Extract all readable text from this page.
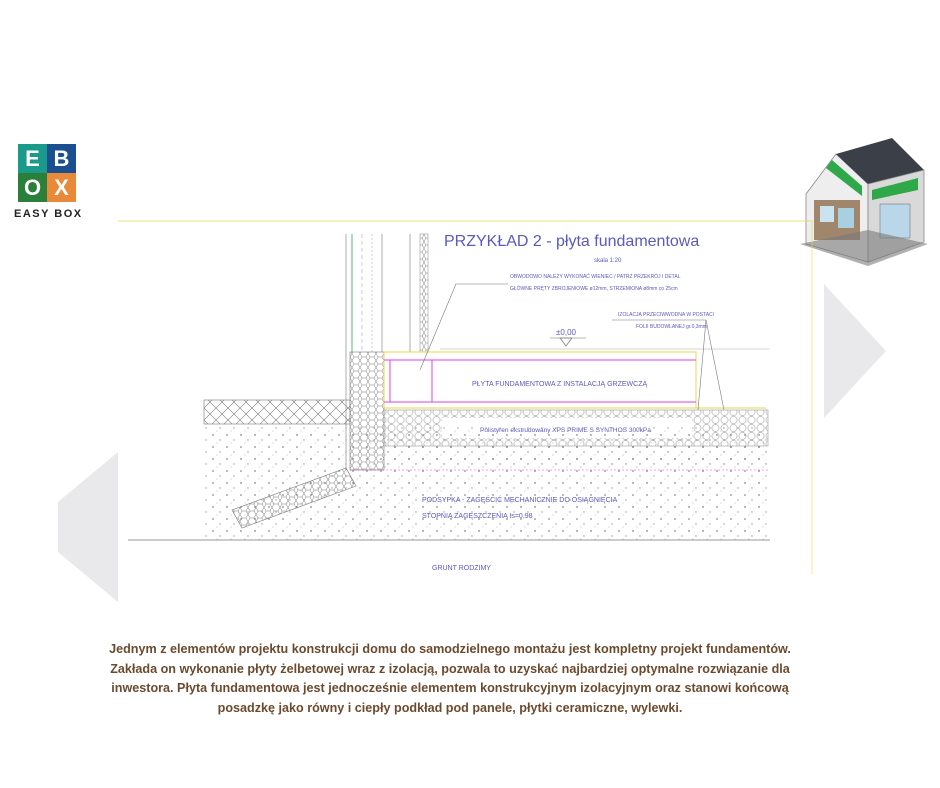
E B
O X
EASY BOX
PRZYKŁAD 2 - płyta fundamentowa
skala 1:20
OBWODOWO NALEŻY WYKONAĆ WIENIEC / PATRZ PRZEKRÓJ I DETAL
GŁÓWNE PRĘTY ZBROJENIOWE ø12mm, STRZEMIONA ø8mm co 25cm
IZOLACJA PRZECIWWODNA W POSTACI
FOLII BUDOWLANEJ gr.0,3mm
±0,00
PŁYTA FUNDAMENTOWA Z INSTALACJĄ GRZEWCZĄ
Polistyren ekstrudowany XPS PRIME S SYNTHOS 300kPa
PODSYPKA - ZAGĘŚCIĆ MECHANICZNIE DO OSIĄGNIĘCIA
STOPNIA ZAGĘSZCZENIA Is=0,98
GRUNT RODZIMY

Jednym z elementów projektu konstrukcji domu do samodzielnego montażu jest kompletny projekt fundamentów.

Zakłada on wykonanie płyty żelbetowej wraz z izolacją, pozwala to uzyskać najbardziej optymalne rozwiązanie dla

inwestora. Płyta fundamentowa jest jednocześnie elementem konstrukcyjnym izolacyjnym oraz stanowi końcową

posadzkę jako równy i ciepły podkład pod panele, płytki ceramiczne, wylewki.
